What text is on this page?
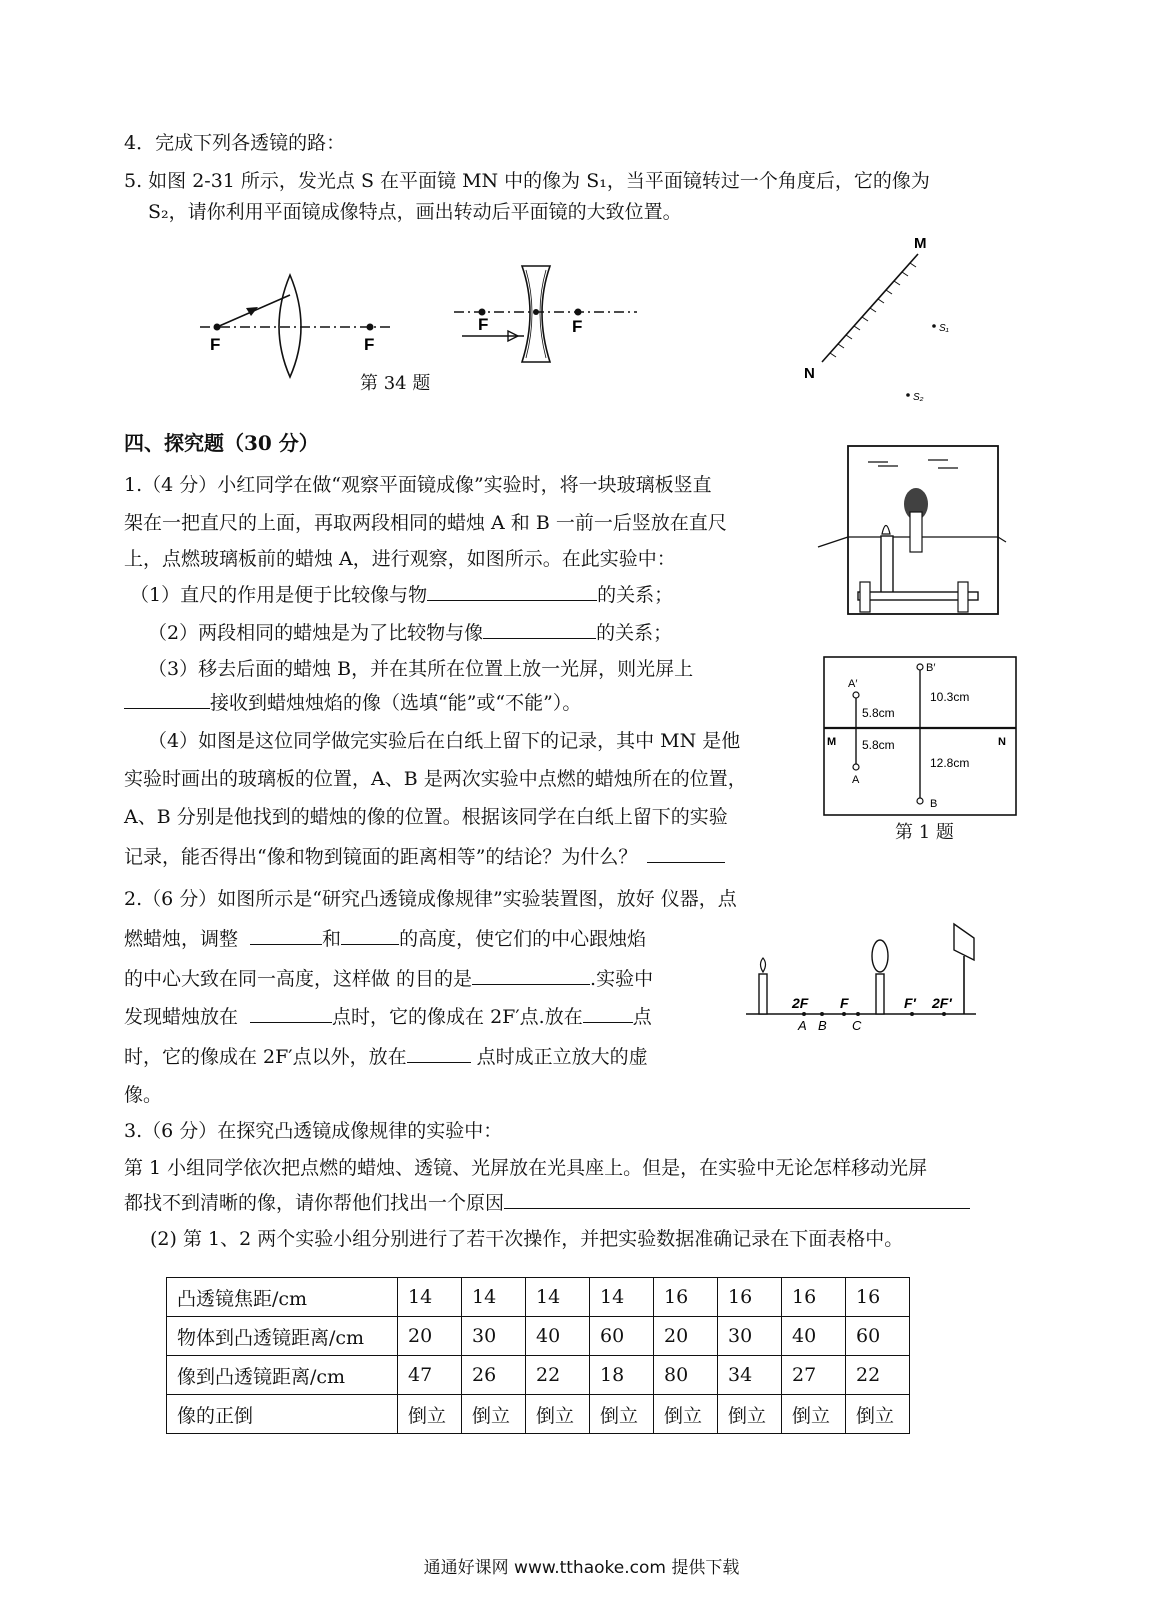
4．完成下列各透镜的路：
5. 如图 2-31 所示，发光点 S 在平面镜 MN 中的像为 S₁，当平面镜转过一个角度后，它的像为
S₂，请你利用平面镜成像特点，画出转动后平面镜的大致位置。
F	F
第 34 题
F	F
M
N
S₁
S₂
四、探究题（30 分）
1.（4 分）小红同学在做“观察平面镜成像”实验时，将一块玻璃板竖直
架在一把直尺的上面，再取两段相同的蜡烛 A 和 B 一前一后竖放在直尺
上，点燃玻璃板前的蜡烛 A，进行观察，如图所示。在此实验中：
（1）直尺的作用是便于比较像与物	的关系；
（2）两段相同的蜡烛是为了比较物与像	的关系；
（3）移去后面的蜡烛 B，并在其所在位置上放一光屏，则光屏上
接收到蜡烛烛焰的像（选填“能”或“不能”）。
（4）如图是这位同学做完实验后在白纸上留下的记录，其中 MN 是他
实验时画出的玻璃板的位置，A、B 是两次实验中点燃的蜡烛所在的位置，
A、B 分别是他找到的蜡烛的像的位置。根据该同学在白纸上留下的实验
记录，能否得出“像和物到镜面的距离相等”的结论？为什么？
A′
B′
A
B
M	N
5.8cm
5.8cm
10.3cm
12.8cm
第 1 题
2.（6 分）如图所示是“研究凸透镜成像规律”实验装置图，放好 仪器，点
燃蜡烛，调整	和	的高度，使它们的中心跟烛焰
的中心大致在同一高度，这样做 的目的是	.实验中
发现蜡烛放在	点时，它的像成在 2F′点.放在	点
时，它的像成在 2F′点以外，放在	点时成正立放大的虚
像。
2F F	F′ 2F′
A B C
3.（6 分）在探究凸透镜成像规律的实验中：
第 1 小组同学依次把点燃的蜡烛、透镜、光屏放在光具座上。但是，在实验中无论怎样移动光屏
都找不到清晰的像，请你帮他们找出一个原因
(2) 第 1、2 两个实验小组分别进行了若干次操作，并把实验数据准确记录在下面表格中。
凸透镜焦距/cm	14	14	14	14	16	16	16	16
物体到凸透镜距离/cm	20	30	40	60	20	30	40	60
像到凸透镜距离/cm	47	26	22	18	80	34	27	22
像的正倒	倒立	倒立	倒立	倒立	倒立	倒立	倒立	倒立
通通好课网 www.tthaoke.com 提供下载
